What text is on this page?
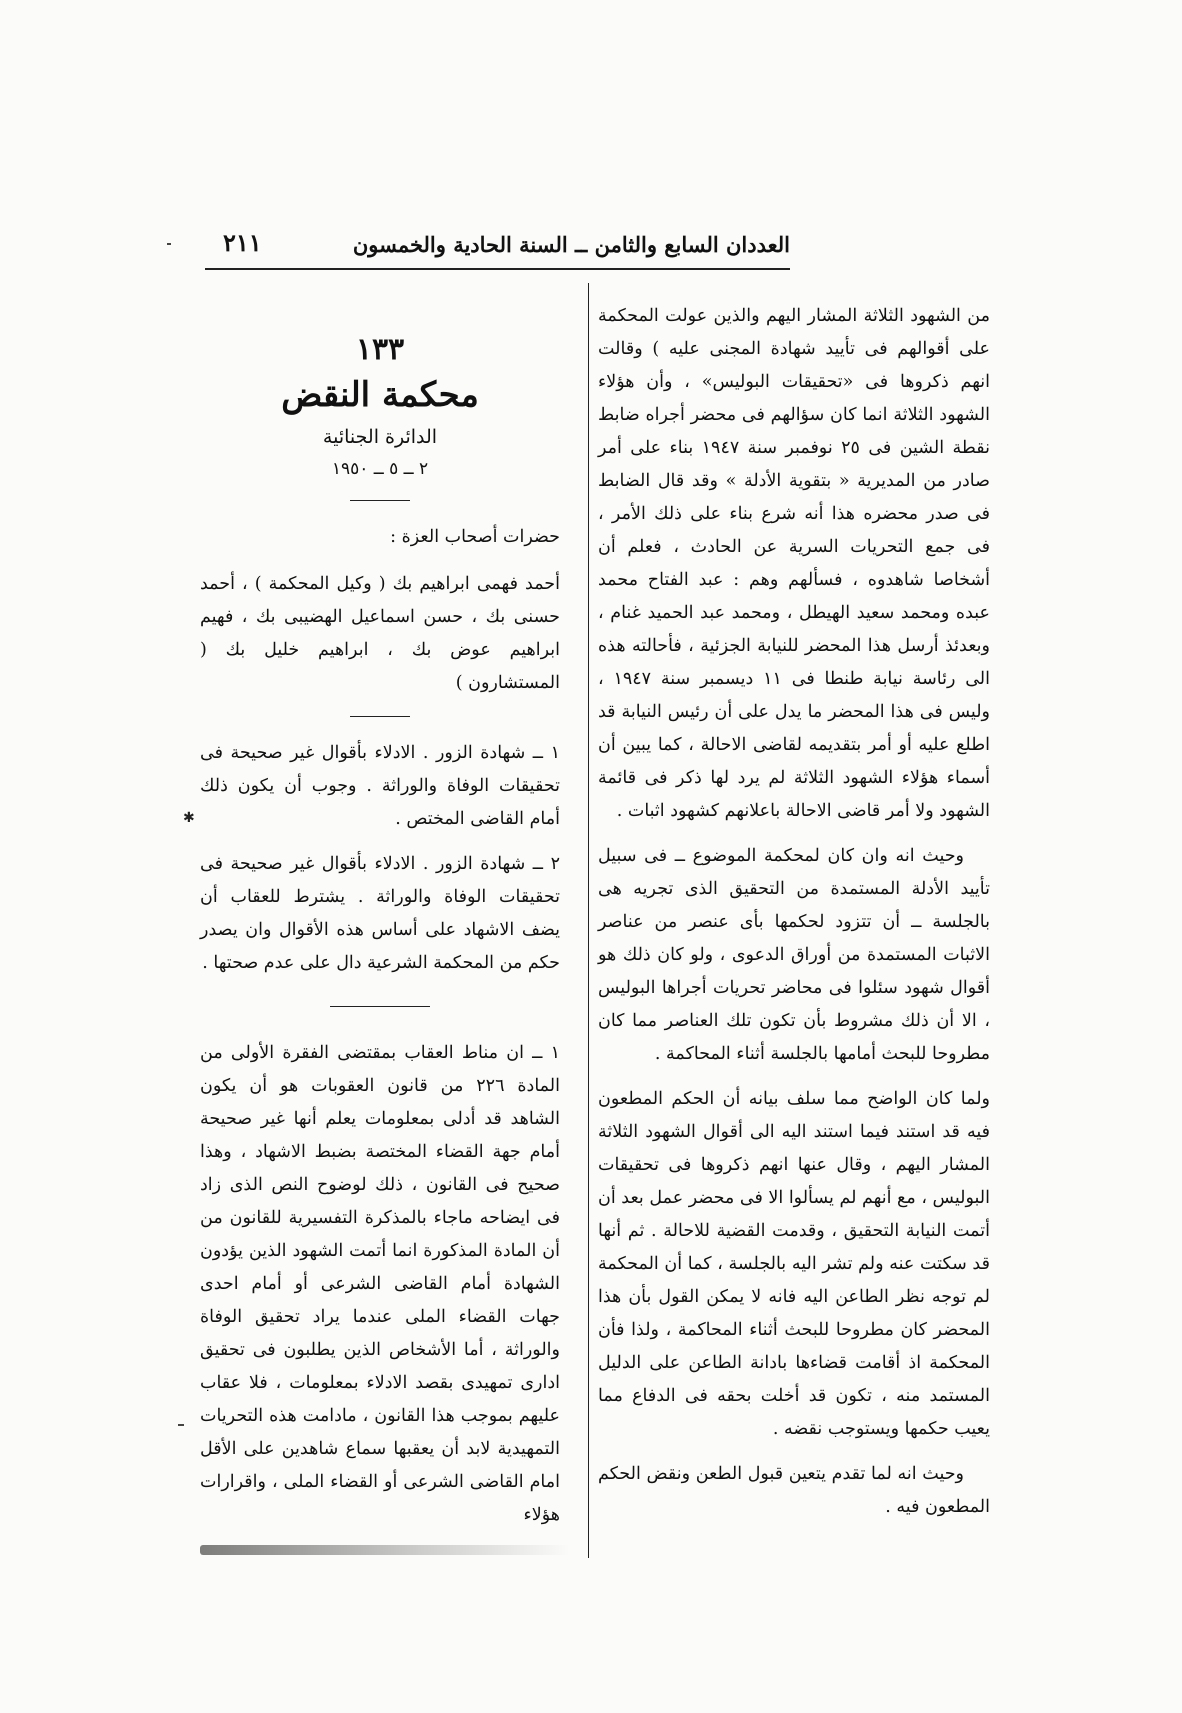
العددان السابع والثامن ــ السنة الحادية والخمسون
٢١١

من الشهود الثلاثة المشار اليهم والذين عولت المحكمة على أقوالهم فى تأييد شهادة المجنى عليه ) وقالت انهم ذكروها فى «تحقيقات البوليس» ، وأن هؤلاء الشهود الثلاثة انما كان سؤالهم فى محضر أجراه ضابط نقطة الشين فى ٢٥ نوفمبر سنة ١٩٤٧ بناء على أمر صادر من المديرية « بتقوية الأدلة » وقد قال الضابط فى صدر محضره هذا أنه شرع بناء على ذلك الأمر ، فى جمع التحريات السرية عن الحادث ، فعلم أن أشخاصا شاهدوه ، فسألهم وهم : عبد الفتاح محمد عبده ومحمد سعيد الهيطل ، ومحمد عبد الحميد غنام ، وبعدئذ أرسل هذا المحضر للنيابة الجزئية ، فأحالته هذه الى رئاسة نيابة طنطا فى ١١ ديسمبر سنة ١٩٤٧ ، وليس فى هذا المحضر ما يدل على أن رئيس النيابة قد اطلع عليه أو أمر بتقديمه لقاضى الاحالة ، كما يبين أن أسماء هؤلاء الشهود الثلاثة لم يرد لها ذكر فى قائمة الشهود ولا أمر قاضى الاحالة باعلانهم كشهود اثبات .

وحيث انه وان كان لمحكمة الموضوع ــ فى سبيل تأييد الأدلة المستمدة من التحقيق الذى تجريه هى بالجلسة ــ أن تتزود لحكمها بأى عنصر من عناصر الاثبات المستمدة من أوراق الدعوى ، ولو كان ذلك هو أقوال شهود سئلوا فى محاضر تحريات أجراها البوليس ، الا أن ذلك مشروط بأن تكون تلك العناصر مما كان مطروحا للبحث أمامها بالجلسة أثناء المحاكمة .

ولما كان الواضح مما سلف بيانه أن الحكم المطعون فيه قد استند فيما استند اليه الى أقوال الشهود الثلاثة المشار اليهم ، وقال عنها انهم ذكروها فى تحقيقات البوليس ، مع أنهم لم يسألوا الا فى محضر عمل بعد أن أتمت النيابة التحقيق ، وقدمت القضية للاحالة . ثم أنها قد سكتت عنه ولم تشر اليه بالجلسة ، كما أن المحكمة لم توجه نظر الطاعن اليه فانه لا يمكن القول بأن هذا المحضر كان مطروحا للبحث أثناء المحاكمة ، ولذا فأن المحكمة اذ أقامت قضاءها بادانة الطاعن على الدليل المستمد منه ، تكون قد أخلت بحقه فى الدفاع مما يعيب حكمها ويستوجب نقضه .

وحيث انه لما تقدم يتعين قبول الطعن ونقض الحكم المطعون فيه .

١٣٣

محكمة النقض

الدائرة الجنائية

٢ ــ ٥ ــ ١٩٥٠

حضرات أصحاب العزة :

أحمد فهمى ابراهيم بك ( وكيل المحكمة ) ، أحمد حسنى بك ، حسن اسماعيل الهضيبى بك ، فهيم ابراهيم عوض بك ، ابراهيم خليل بك ( المستشارون )

١ ــ شهادة الزور . الادلاء بأقوال غير صحيحة فى تحقيقات الوفاة والوراثة . وجوب أن يكون ذلك أمام القاضى المختص .

٢ ــ شهادة الزور . الادلاء بأقوال غير صحيحة فى تحقيقات الوفاة والوراثة . يشترط للعقاب أن يضف الاشهاد على أساس هذه الأقوال وان يصدر حكم من المحكمة الشرعية دال على عدم صحتها .

١ ــ ان مناط العقاب بمقتضى الفقرة الأولى من المادة ٢٢٦ من قانون العقوبات هو أن يكون الشاهد قد أدلى بمعلومات يعلم أنها غير صحيحة أمام جهة القضاء المختصة بضبط الاشهاد ، وهذا صحيح فى القانون ، ذلك لوضوح النص الذى زاد فى ايضاحه ماجاء بالمذكرة التفسيرية للقانون من أن المادة المذكورة انما أتمت الشهود الذين يؤدون الشهادة أمام القاضى الشرعى أو أمام احدى جهات القضاء الملى عندما يراد تحقيق الوفاة والوراثة ، أما الأشخاص الذين يطلبون فى تحقيق ادارى تمهيدى بقصد الادلاء بمعلومات ، فلا عقاب عليهم بموجب هذا القانون ، مادامت هذه التحريات التمهيدية لابد أن يعقبها سماع شاهدين على الأقل امام القاضى الشرعى أو القضاء الملى ، واقرارات هؤلاء

✱
